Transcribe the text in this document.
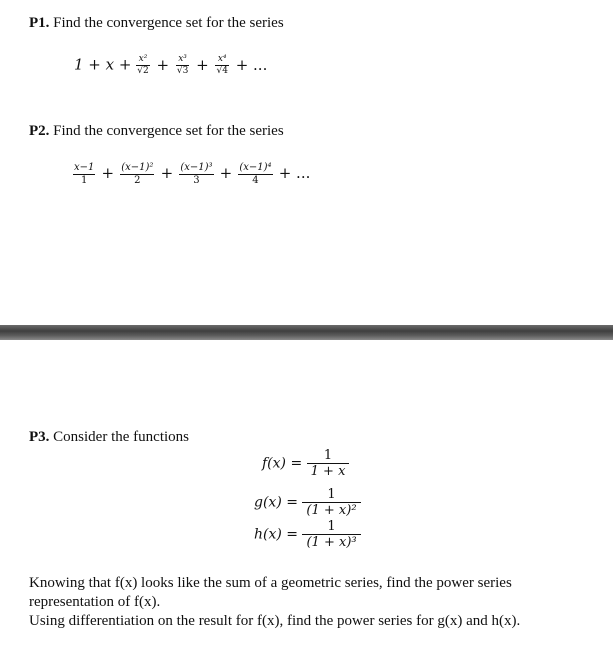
P1. Find the convergence set for the series
$1 + x + \frac{\text{x²}}{√2} + \frac{\text{x³}}{√3} + \frac{\text{x⁴}}{√4}$ + ...
P2. Find the convergence set for the series
$\frac{x-1}{1} + \frac{\text{(x−1)²}}{2} + \frac{\text{(x−1)³}}{3} + \frac{\text{(x−1)⁴}}{4}$ + ...
P3. Consider the functions
$f(x) = \frac{1}{1 + x}$
$g(x) = \frac{1}{\text{(1 + x)²}}$
$h(x) = \frac{1}{\text{(1 + x)³}}$
Knowing that f(x) looks like the sum of a geometric series, find the power series
representation of f(x).
Using differentiation on the result for f(x), find the power series for g(x) and h(x).
